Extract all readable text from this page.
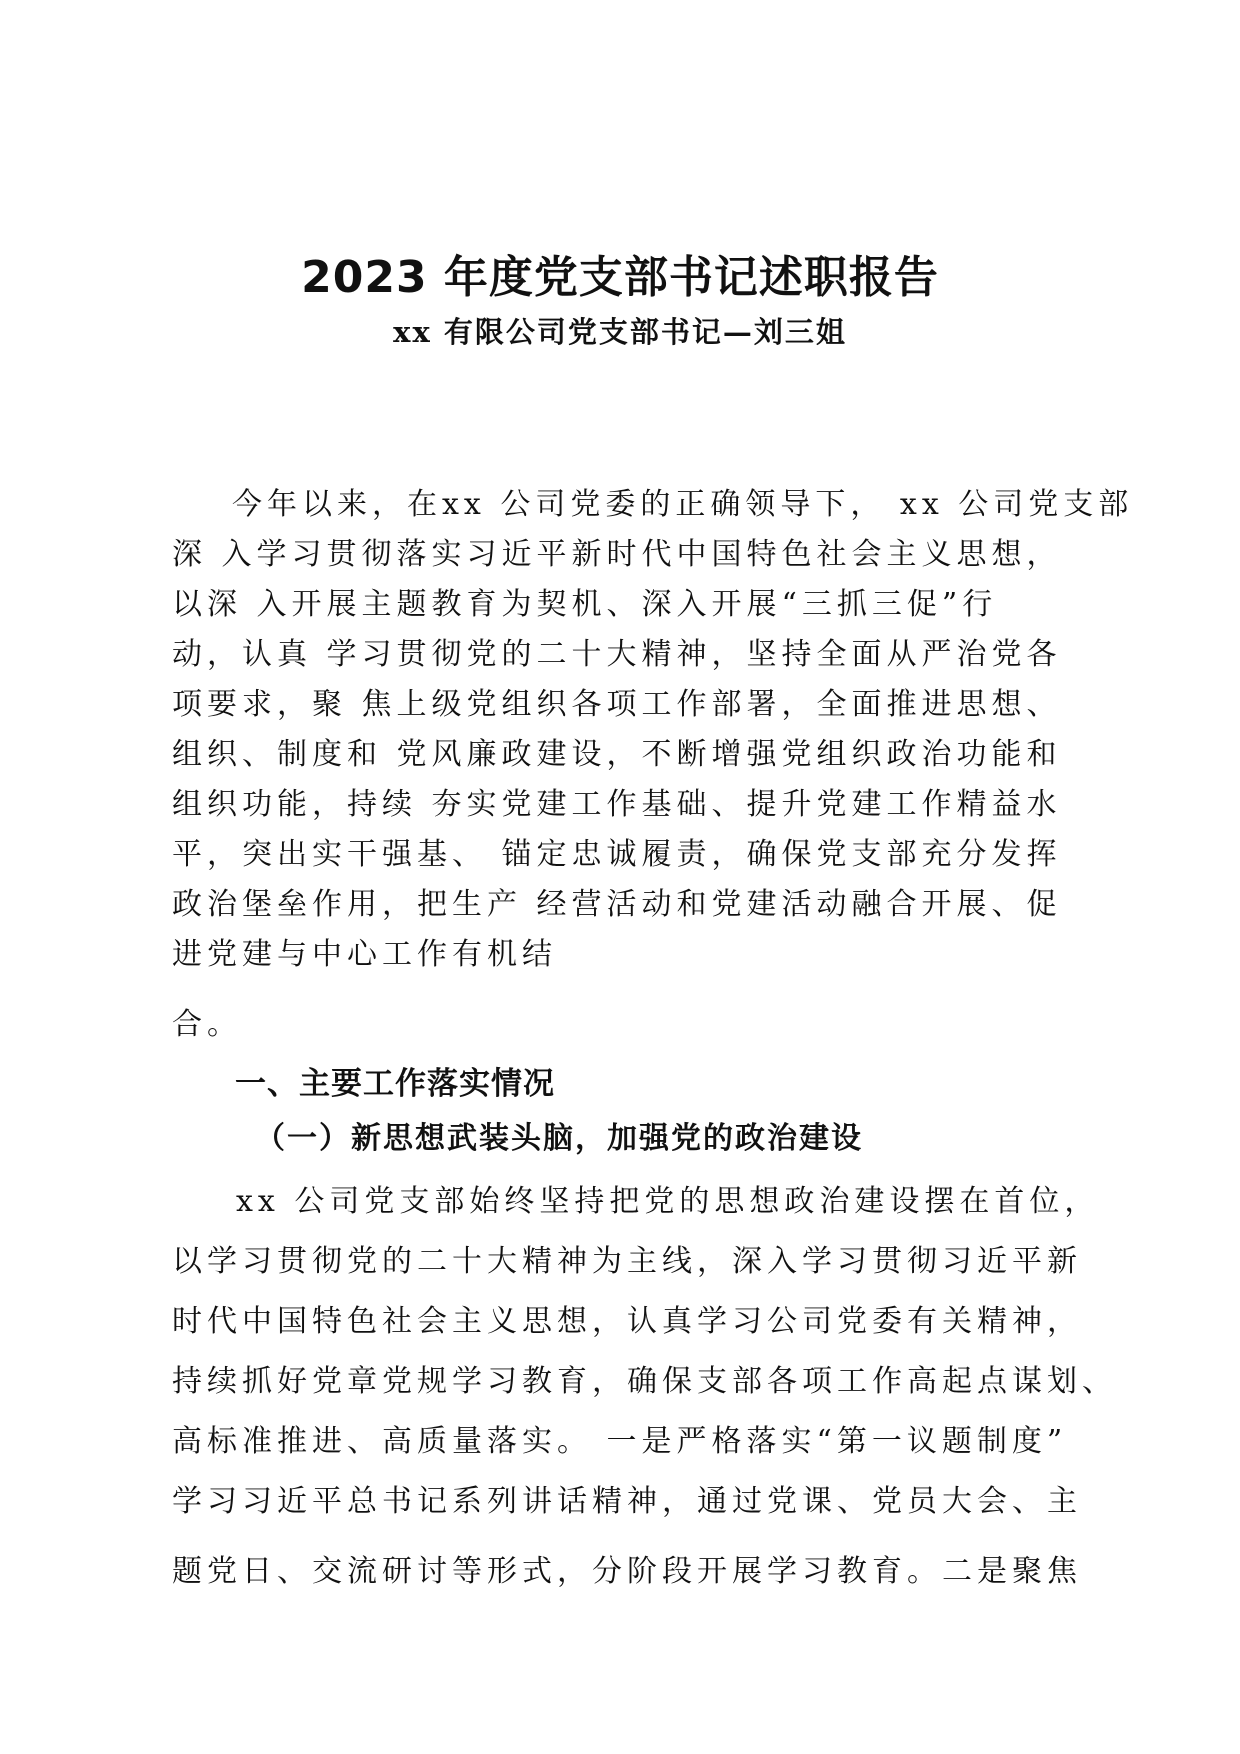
2023 年度党支部书记述职报告
xx 有限公司党支部书记—刘三姐
今年以来，在xx 公司党委的正确领导下， xx 公司党支部
深 入学习贯彻落实习近平新时代中国特色社会主义思想，
以深 入开展主题教育为契机、深入开展“三抓三促”行
动，认真 学习贯彻党的二十大精神，坚持全面从严治党各
项要求，聚 焦上级党组织各项工作部署，全面推进思想、
组织、制度和 党风廉政建设，不断增强党组织政治功能和
组织功能，持续 夯实党建工作基础、提升党建工作精益水
平，突出实干强基、 锚定忠诚履责，确保党支部充分发挥
政治堡垒作用，把生产 经营活动和党建活动融合开展、促
进党建与中心工作有机结
合。
一、主要工作落实情况
（一）新思想武装头脑，加强党的政治建设
xx 公司党支部始终坚持把党的思想政治建设摆在首位，
以学习贯彻党的二十大精神为主线，深入学习贯彻习近平新
时代中国特色社会主义思想，认真学习公司党委有关精神，
持续抓好党章党规学习教育，确保支部各项工作高起点谋划、
高标准推进、高质量落实。 一是严格落实“第一议题制度”
学习习近平总书记系列讲话精神，通过党课、党员大会、主
题党日、交流研讨等形式，分阶段开展学习教育。二是聚焦
